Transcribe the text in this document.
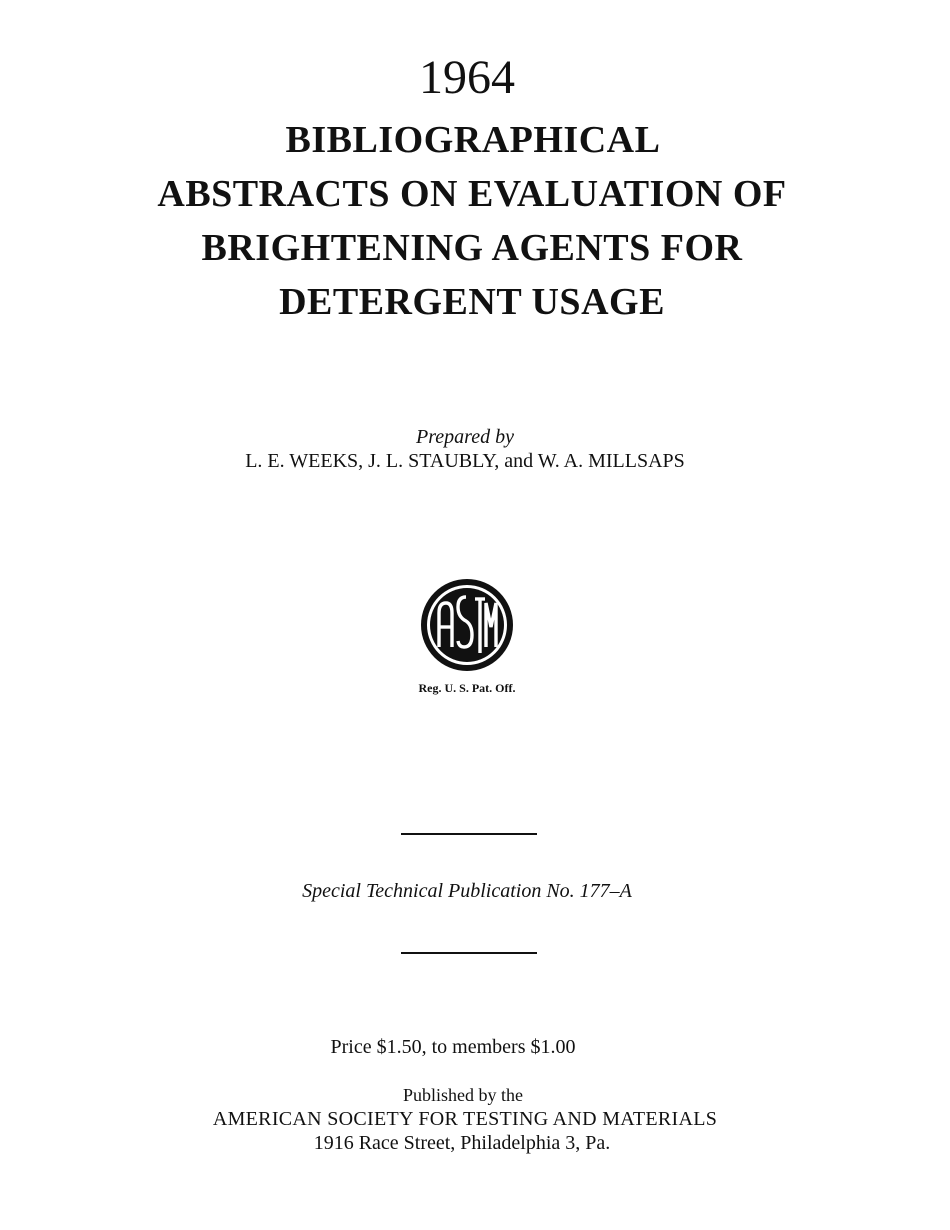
1964
BIBLIOGRAPHICAL
ABSTRACTS ON EVALUATION OF
BRIGHTENING AGENTS FOR
DETERGENT USAGE
Prepared by
L. E. WEEKS, J. L. STAUBLY, and W. A. MILLSAPS
Reg. U. S. Pat. Off.
Special Technical Publication No. 177–A
Price $1.50, to members $1.00
Published by the
AMERICAN SOCIETY FOR TESTING AND MATERIALS
1916 Race Street, Philadelphia 3, Pa.
